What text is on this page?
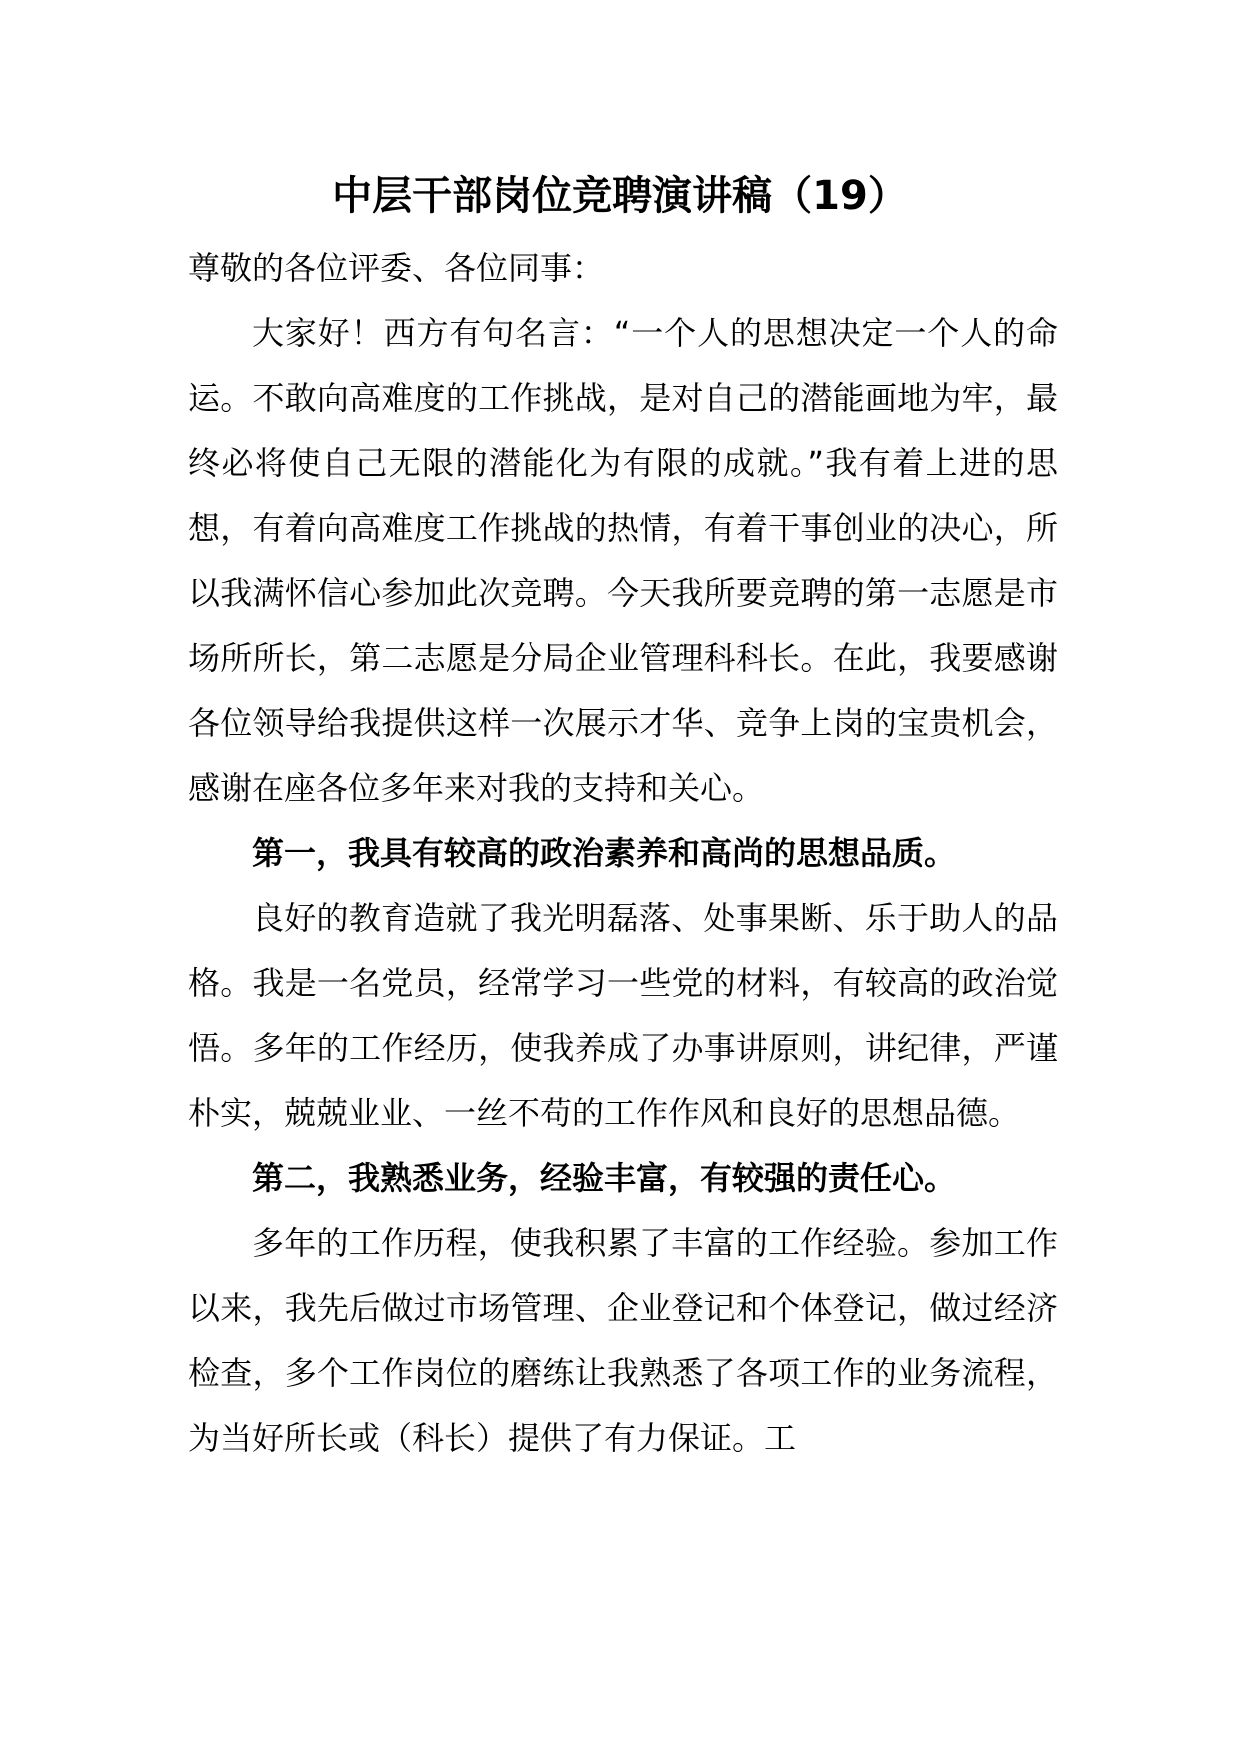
中层干部岗位竞聘演讲稿（19）

尊敬的各位评委、各位同事：

大家好！西方有句名言：“一个人的思想决定一个人的命运。不敢向高难度的工作挑战，是对自己的潜能画地为牢，最终必将使自己无限的潜能化为有限的成就。”我有着上进的思想，有着向高难度工作挑战的热情，有着干事创业的决心，所以我满怀信心参加此次竞聘。今天我所要竞聘的第一志愿是市场所所长，第二志愿是分局企业管理科科长。在此，我要感谢各位领导给我提供这样一次展示才华、竞争上岗的宝贵机会，感谢在座各位多年来对我的支持和关心。

第一，我具有较高的政治素养和高尚的思想品质。

良好的教育造就了我光明磊落、处事果断、乐于助人的品格。我是一名党员，经常学习一些党的材料，有较高的政治觉悟。多年的工作经历，使我养成了办事讲原则，讲纪律，严谨朴实，兢兢业业、一丝不苟的工作作风和良好的思想品德。

第二，我熟悉业务，经验丰富，有较强的责任心。

多年的工作历程，使我积累了丰富的工作经验。参加工作以来，我先后做过市场管理、企业登记和个体登记，做过经济检查，多个工作岗位的磨练让我熟悉了各项工作的业务流程，为当好所长或（科长）提供了有力保证。工
